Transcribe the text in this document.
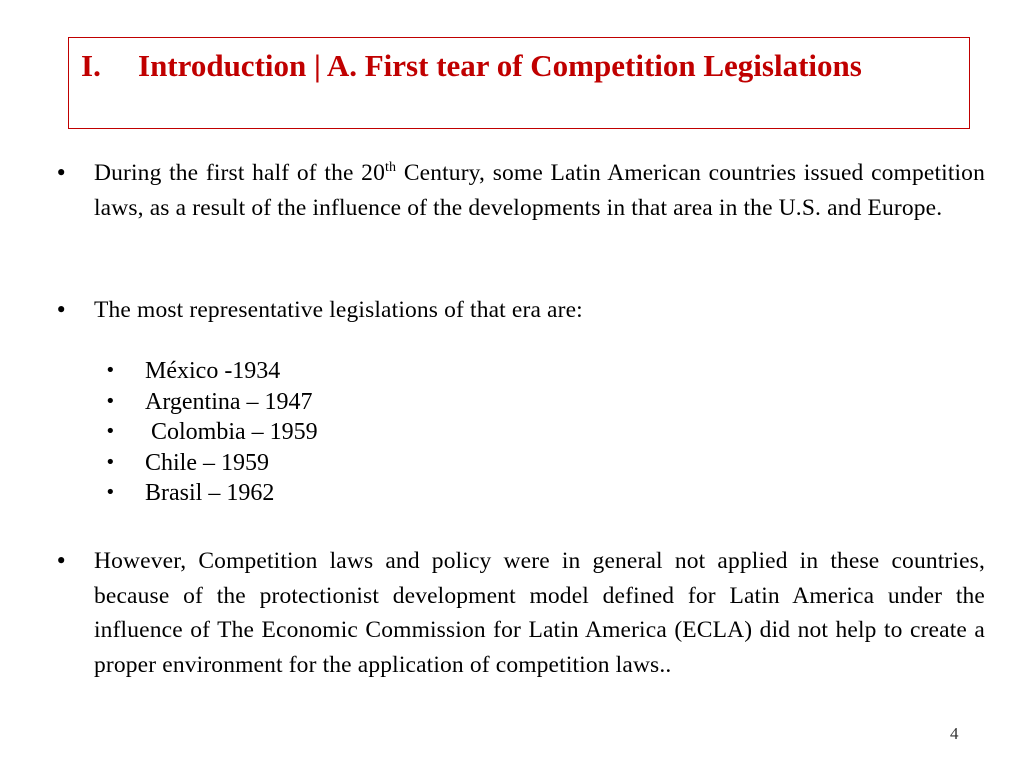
I.	Introduction | A. First tear of Competition Legislations
•	During the first half of the 20th Century, some Latin American countries issued competition laws, as a result of the influence of the developments in that area in the U.S. and Europe.
•	The most representative legislations of that era are:
• México -1934
• Argentina – 1947
• Colombia – 1959
• Chile – 1959
• Brasil – 1962
•	However, Competition laws and policy were in general not applied in these countries, because of the protectionist development model defined for Latin America under the influence of The Economic Commission for Latin America (ECLA) did not help to create a proper environment for the application of competition laws..
4
